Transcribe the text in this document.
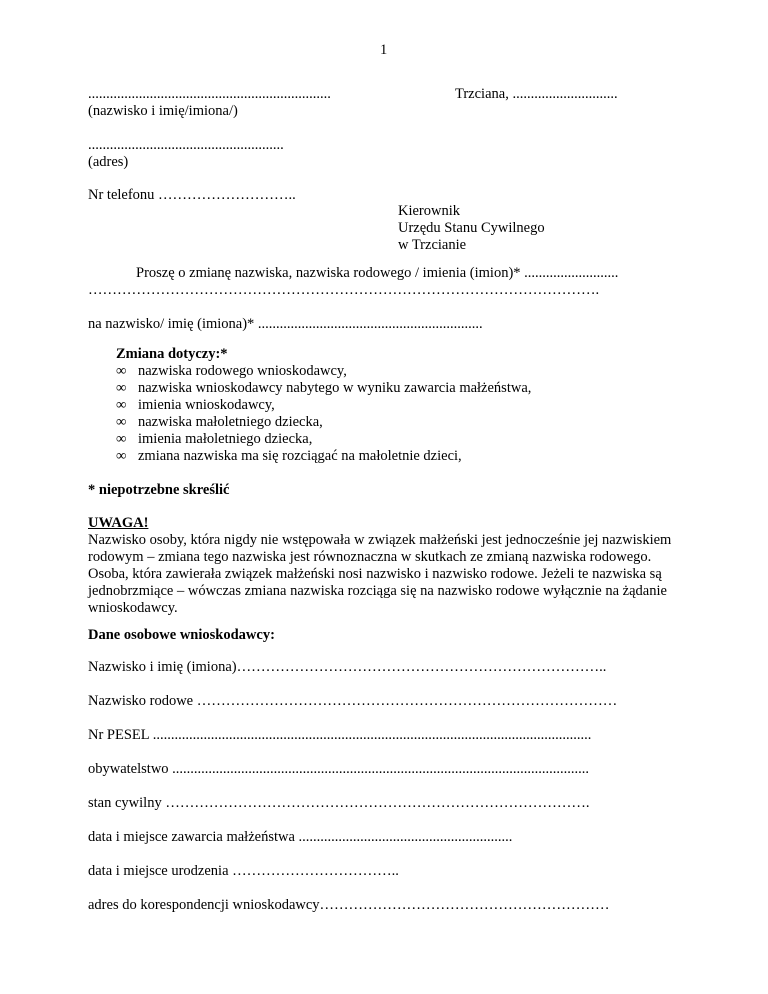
1
...................................................................
(nazwisko i imię/imiona/)
Trzciana, .............................
......................................................
(adres)
Nr telefonu ………………………..
Kierownik
Urzędu Stanu Cywilnego
w Trzcianie
Proszę o zmianę nazwiska, nazwiska rodowego / imienia (imion)* ..........................
…………………………………………………………………………………………….
na nazwisko/ imię (imiona)* ..............................................................
Zmiana dotyczy:*
∞ nazwiska rodowego wnioskodawcy,
∞ nazwiska wnioskodawcy nabytego w wyniku zawarcia małżeństwa,
∞ imienia wnioskodawcy,
∞ nazwiska małoletniego dziecka,
∞ imienia małoletniego dziecka,
∞ zmiana nazwiska ma się rozciągać na małoletnie dzieci,
* niepotrzebne skreślić
UWAGA!
Nazwisko osoby, która nigdy nie wstępowała w związek małżeński jest jednocześnie jej nazwiskiem rodowym – zmiana tego nazwiska jest równoznaczna w skutkach ze zmianą nazwiska rodowego. Osoba, która zawierała związek małżeński nosi nazwisko i nazwisko rodowe. Jeżeli te nazwiska są jednobrzmiące – wówczas zmiana nazwiska rozciąga się na nazwisko rodowe wyłącznie na żądanie wnioskodawcy.
Dane osobowe wnioskodawcy:
Nazwisko i imię (imiona)…………………………………………………………………..
Nazwisko rodowe ……………………………………………………………………………
Nr PESEL .........................................................................................................................
obywatelstwo ...................................................................................................................
stan cywilny …………………………………………………………………………….
data i miejsce zawarcia małżeństwa ...........................................................
data i miejsce urodzenia ……………………………..
adres do korespondencji wnioskodawcy……………………………………………………
